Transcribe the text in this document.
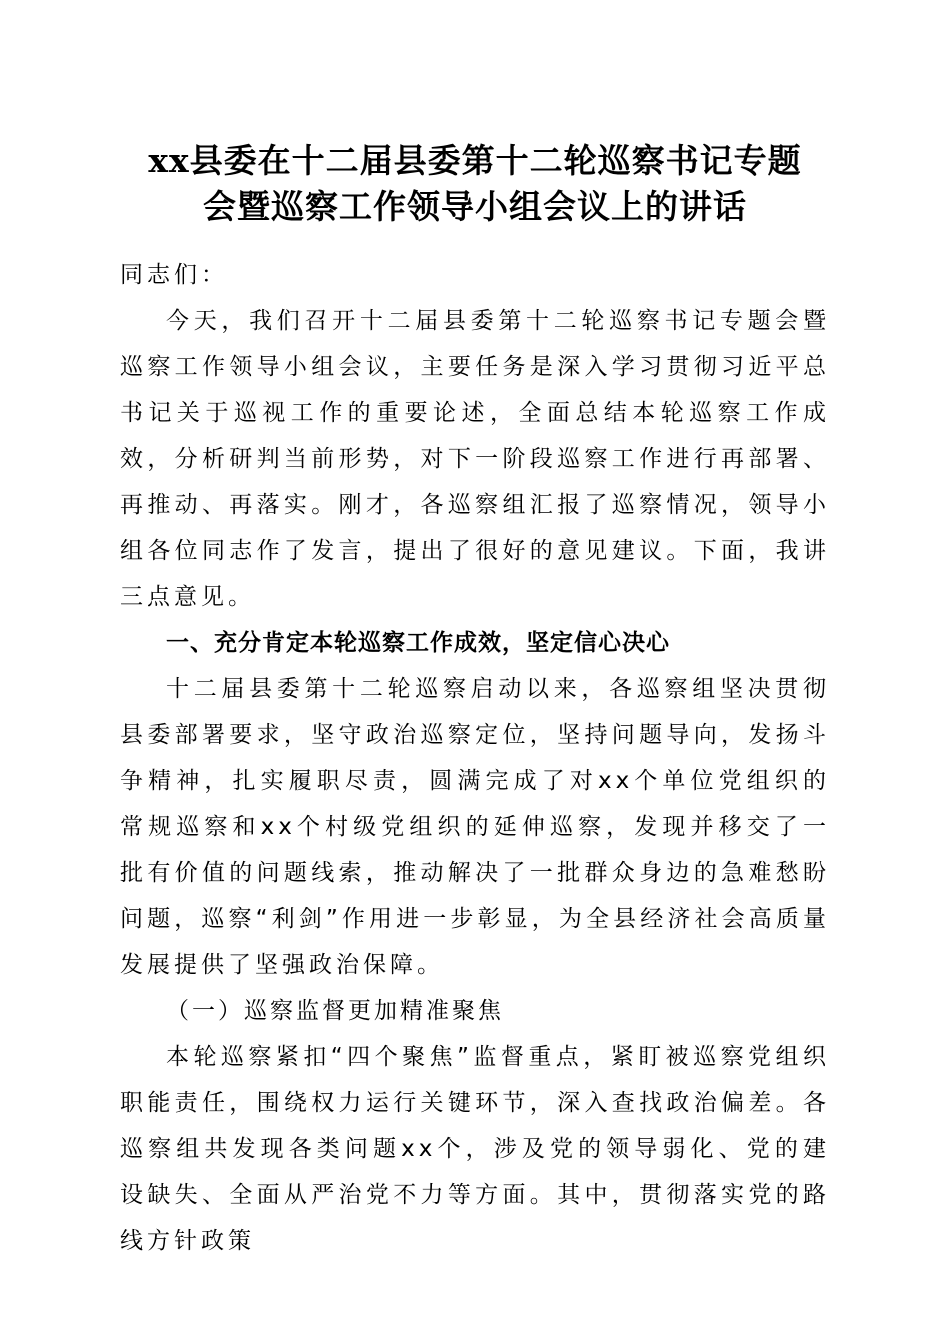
xx县委在十二届县委第十二轮巡察书记专题
会暨巡察工作领导小组会议上的讲话

同志们：

今天，我们召开十二届县委第十二轮巡察书记专题会暨巡察工作领导小组会议，主要任务是深入学习贯彻习近平总书记关于巡视工作的重要论述，全面总结本轮巡察工作成效，分析研判当前形势，对下一阶段巡察工作进行再部署、再推动、再落实。刚才，各巡察组汇报了巡察情况，领导小组各位同志作了发言，提出了很好的意见建议。下面，我讲三点意见。

一、充分肯定本轮巡察工作成效，坚定信心决心

十二届县委第十二轮巡察启动以来，各巡察组坚决贯彻县委部署要求，坚守政治巡察定位，坚持问题导向，发扬斗争精神，扎实履职尽责，圆满完成了对xx个单位党组织的常规巡察和xx个村级党组织的延伸巡察，发现并移交了一批有价值的问题线索，推动解决了一批群众身边的急难愁盼问题，巡察“利剑”作用进一步彰显，为全县经济社会高质量发展提供了坚强政治保障。

（一）巡察监督更加精准聚焦

本轮巡察紧扣“四个聚焦”监督重点，紧盯被巡察党组织职能责任，围绕权力运行关键环节，深入查找政治偏差。各巡察组共发现各类问题xx个，涉及党的领导弱化、党的建设缺失、全面从严治党不力等方面。其中，贯彻落实党的路线方针政策
